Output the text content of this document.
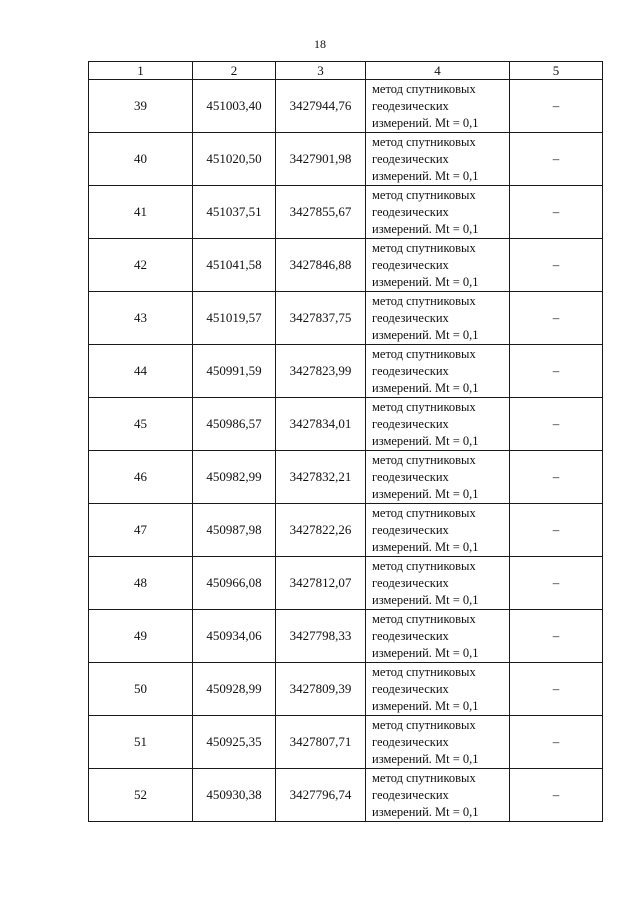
18
1	2	3	4	5
39	451003,40	3427944,76	метод спутниковых
геодезических
измерений. Mt = 0,1	–
40	451020,50	3427901,98	метод спутниковых
геодезических
измерений. Mt = 0,1	–
41	451037,51	3427855,67	метод спутниковых
геодезических
измерений. Mt = 0,1	–
42	451041,58	3427846,88	метод спутниковых
геодезических
измерений. Mt = 0,1	–
43	451019,57	3427837,75	метод спутниковых
геодезических
измерений. Mt = 0,1	–
44	450991,59	3427823,99	метод спутниковых
геодезических
измерений. Mt = 0,1	–
45	450986,57	3427834,01	метод спутниковых
геодезических
измерений. Mt = 0,1	–
46	450982,99	3427832,21	метод спутниковых
геодезических
измерений. Mt = 0,1	–
47	450987,98	3427822,26	метод спутниковых
геодезических
измерений. Mt = 0,1	–
48	450966,08	3427812,07	метод спутниковых
геодезических
измерений. Mt = 0,1	–
49	450934,06	3427798,33	метод спутниковых
геодезических
измерений. Mt = 0,1	–
50	450928,99	3427809,39	метод спутниковых
геодезических
измерений. Mt = 0,1	–
51	450925,35	3427807,71	метод спутниковых
геодезических
измерений. Mt = 0,1	–
52	450930,38	3427796,74	метод спутниковых
геодезических
измерений. Mt = 0,1	–
